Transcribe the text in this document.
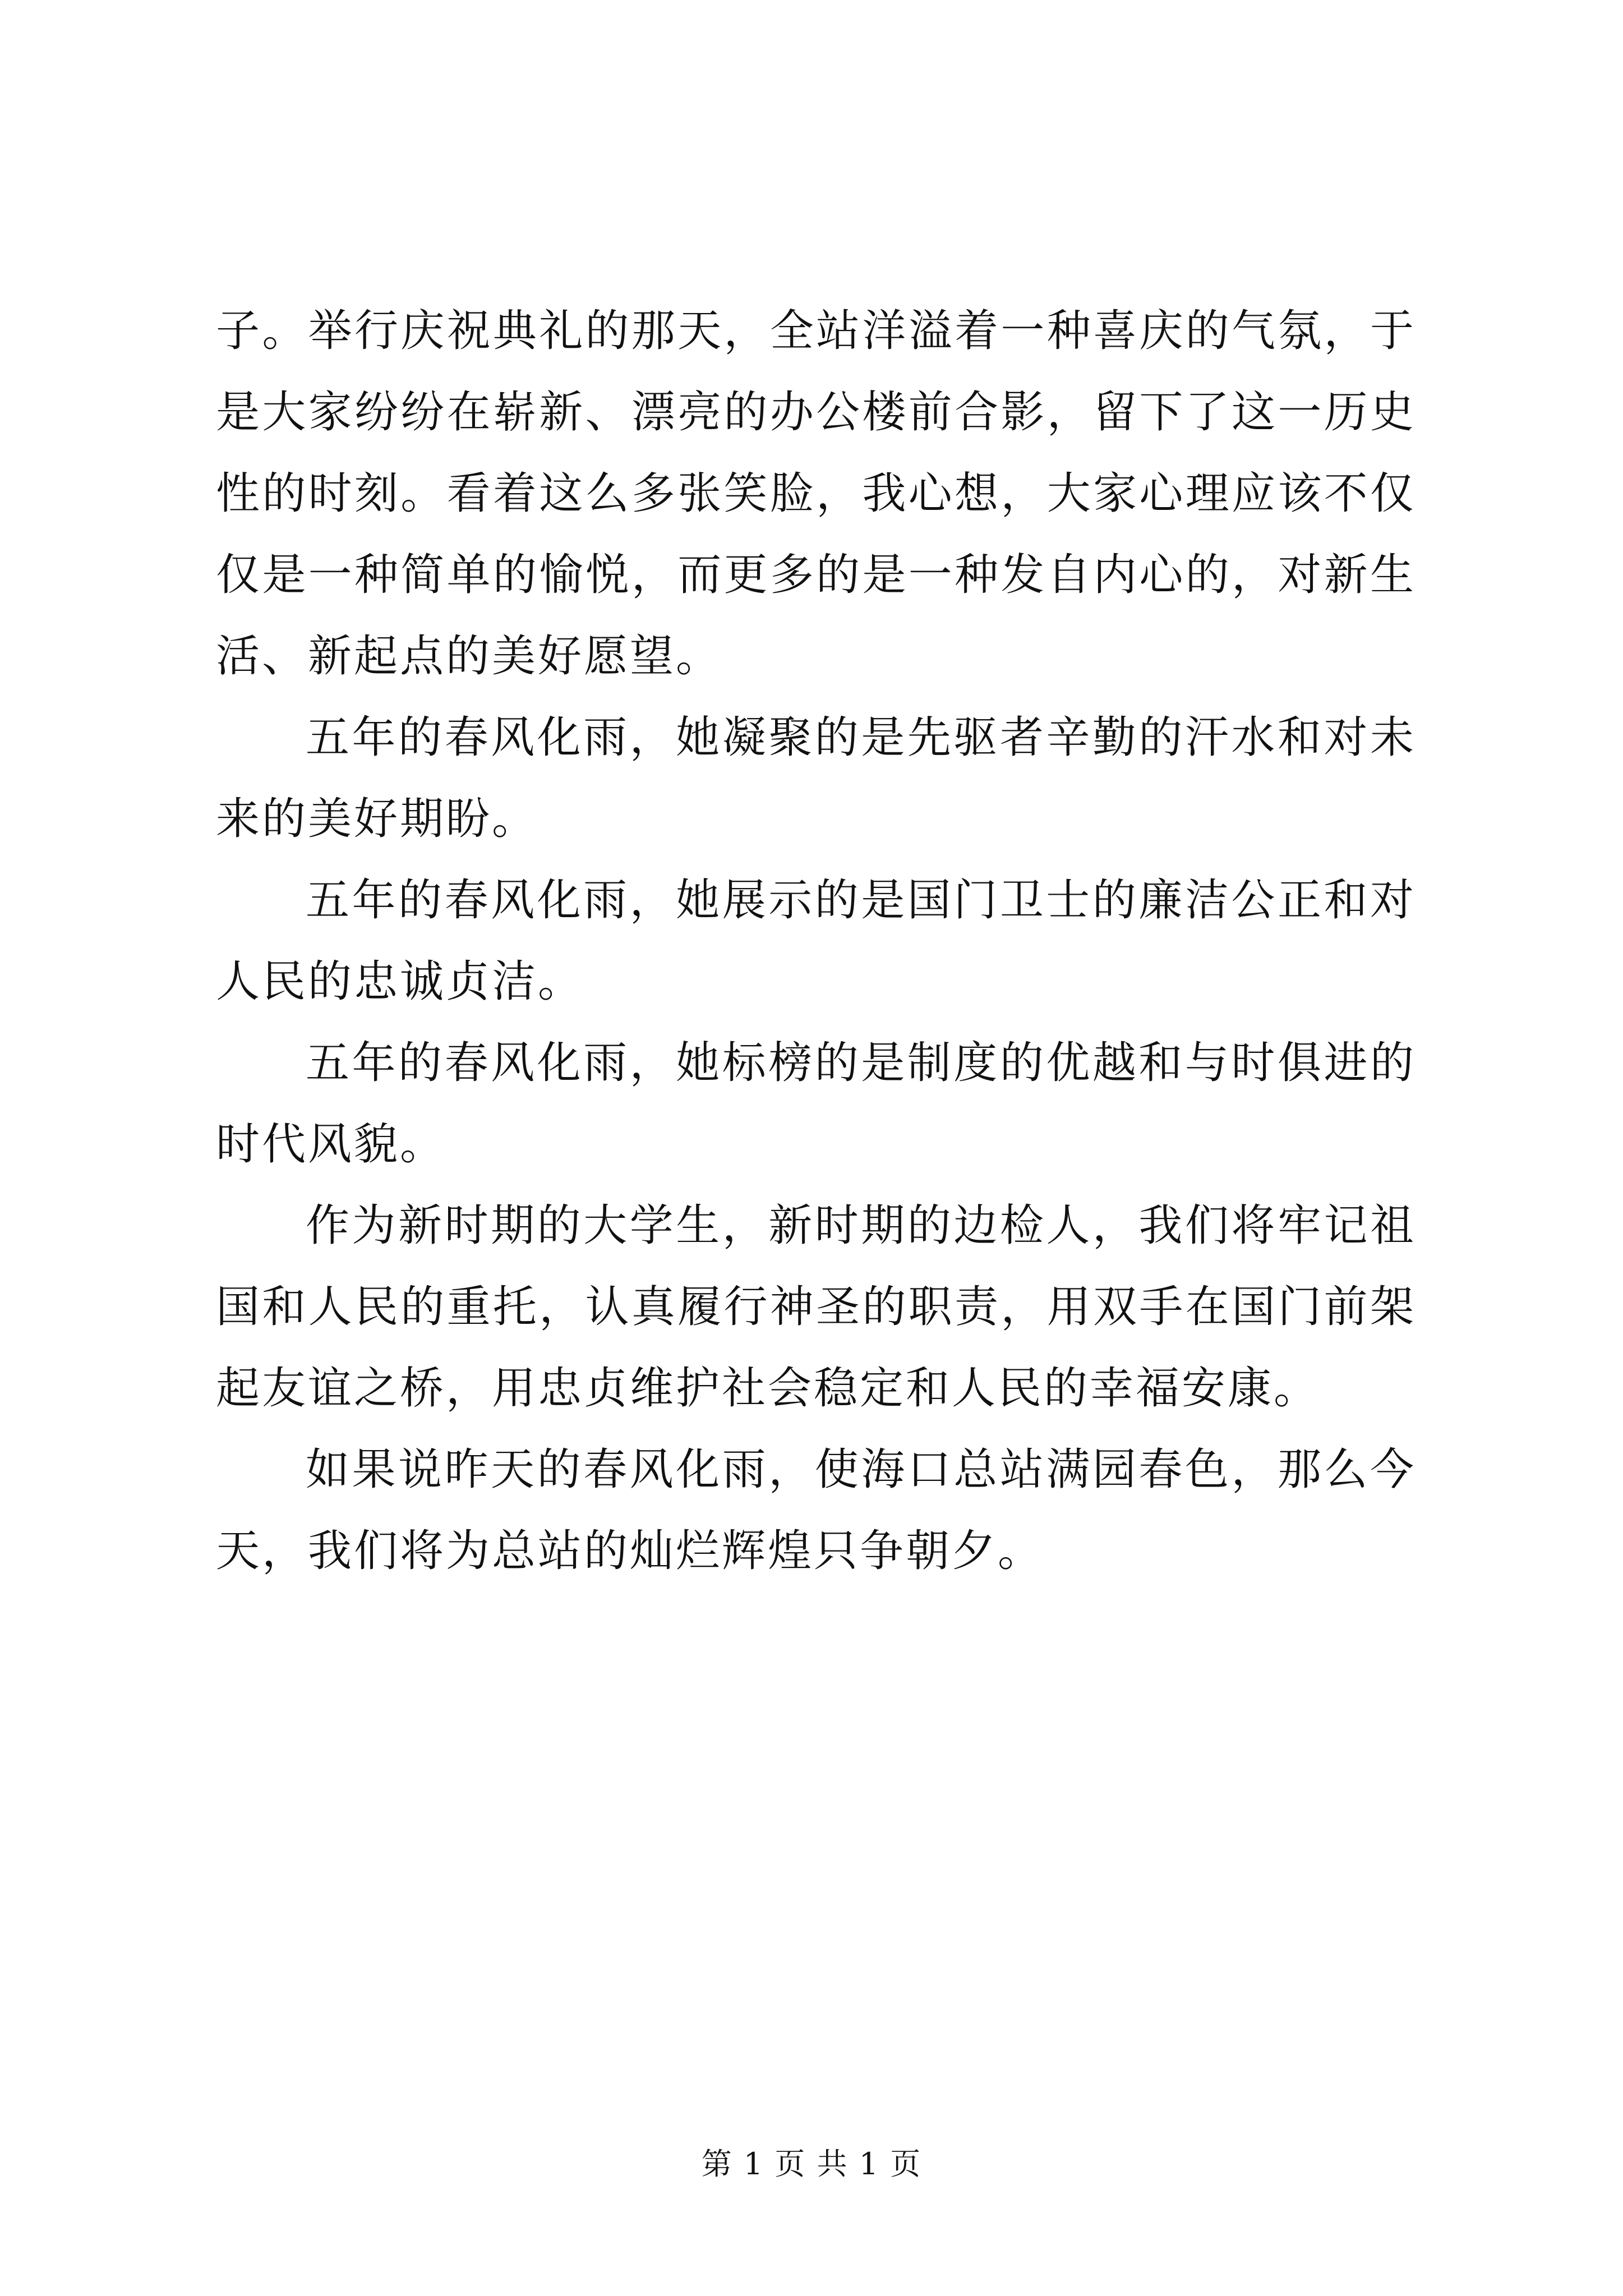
子。举行庆祝典礼的那天，全站洋溢着一种喜庆的气氛，于是大家纷纷在崭新、漂亮的办公楼前合影，留下了这一历史性的时刻。看着这么多张笑脸，我心想，大家心理应该不仅仅是一种简单的愉悦，而更多的是一种发自内心的，对新生活、新起点的美好愿望。

五年的春风化雨，她凝聚的是先驱者辛勤的汗水和对未来的美好期盼。

五年的春风化雨，她展示的是国门卫士的廉洁公正和对人民的忠诚贞洁。

五年的春风化雨，她标榜的是制度的优越和与时俱进的时代风貌。

作为新时期的大学生，新时期的边检人，我们将牢记祖国和人民的重托，认真履行神圣的职责，用双手在国门前架起友谊之桥，用忠贞维护社会稳定和人民的幸福安康。

如果说昨天的春风化雨，使海口总站满园春色，那么今天，我们将为总站的灿烂辉煌只争朝夕。

第 1 页 共 1 页
